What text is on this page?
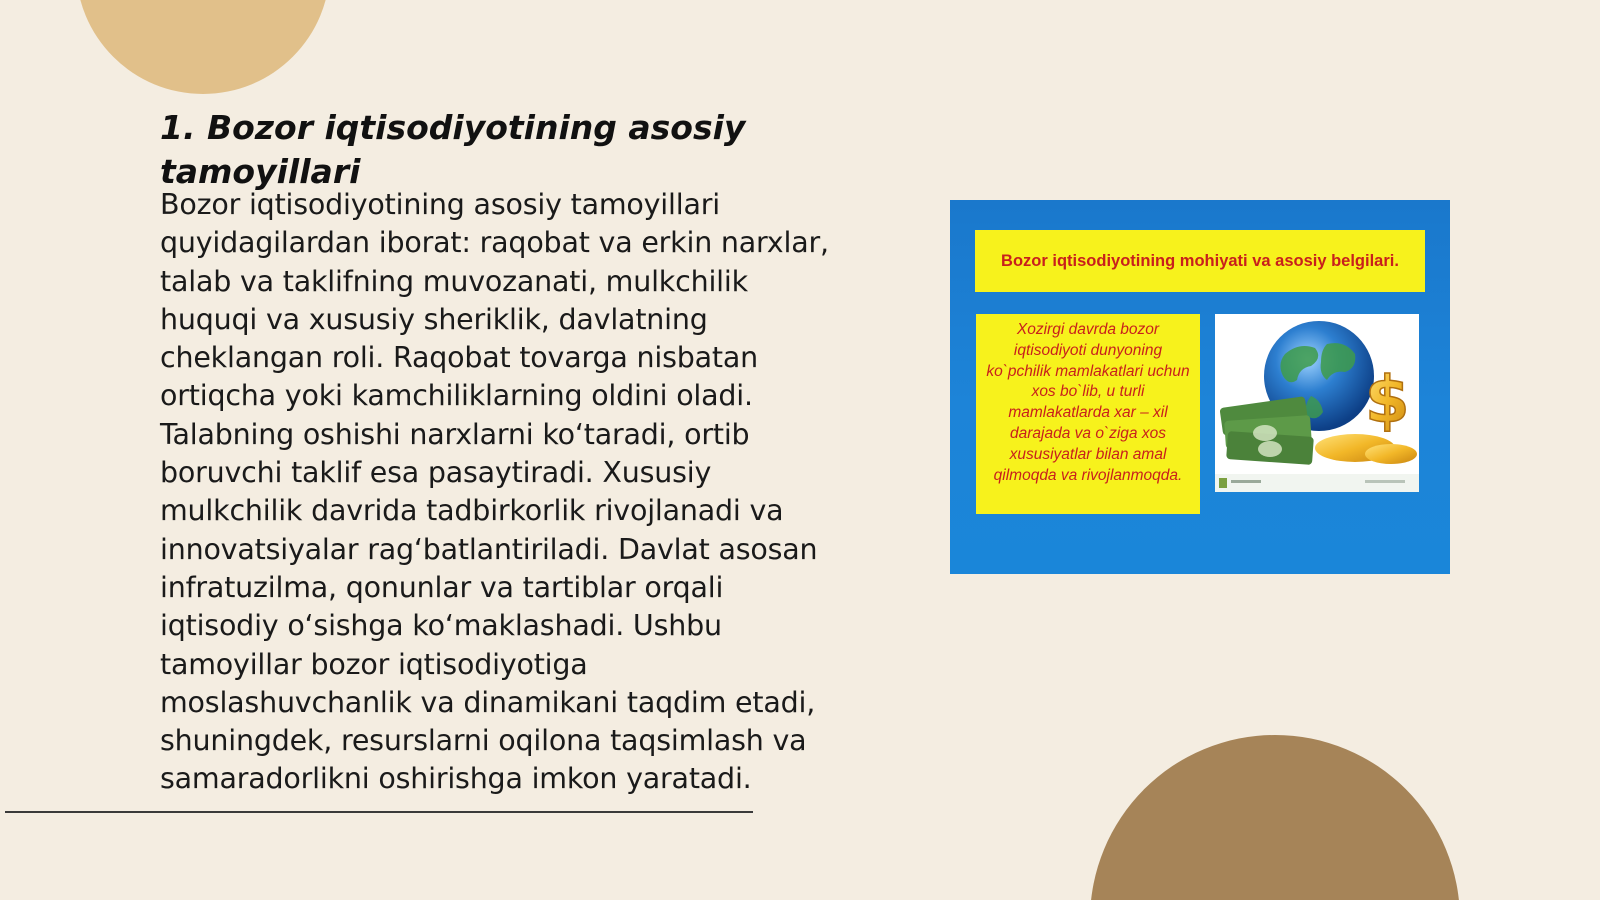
1. Bozor iqtisodiyotining asosiy tamoyillari

Bozor iqtisodiyotining asosiy tamoyillari quyidagilardan iborat: raqobat va erkin narxlar, talab va taklifning muvozanati, mulkchilik huquqi va xususiy sheriklik, davlatning cheklangan roli. Raqobat tovarga nisbatan ortiqcha yoki kamchiliklarning oldini oladi. Talabning oshishi narxlarni ko‘taradi, ortib boruvchi taklif esa pasaytiradi. Xususiy mulkchilik davrida tadbirkorlik rivojlanadi va innovatsiyalar rag‘batlantiriladi. Davlat asosan infratuzilma, qonunlar va tartiblar orqali iqtisodiy o‘sishga ko‘maklashadi. Ushbu tamoyillar bozor iqtisodiyotiga moslashuvchanlik va dinamikani taqdim etadi, shuningdek, resurslarni oqilona taqsimlash va samaradorlikni oshirishga imkon yaratadi.

Bozor iqtisodiyotining mohiyati va asosiy belgilari.
Xozirgi davrda bozor iqtisodiyoti dunyoning ko`pchilik mamlakatlari uchun xos bo`lib, u turli mamlakatlarda xar – xil darajada va o`ziga xos xususiyatlar bilan amal qilmoqda va rivojlanmoqda.
$
